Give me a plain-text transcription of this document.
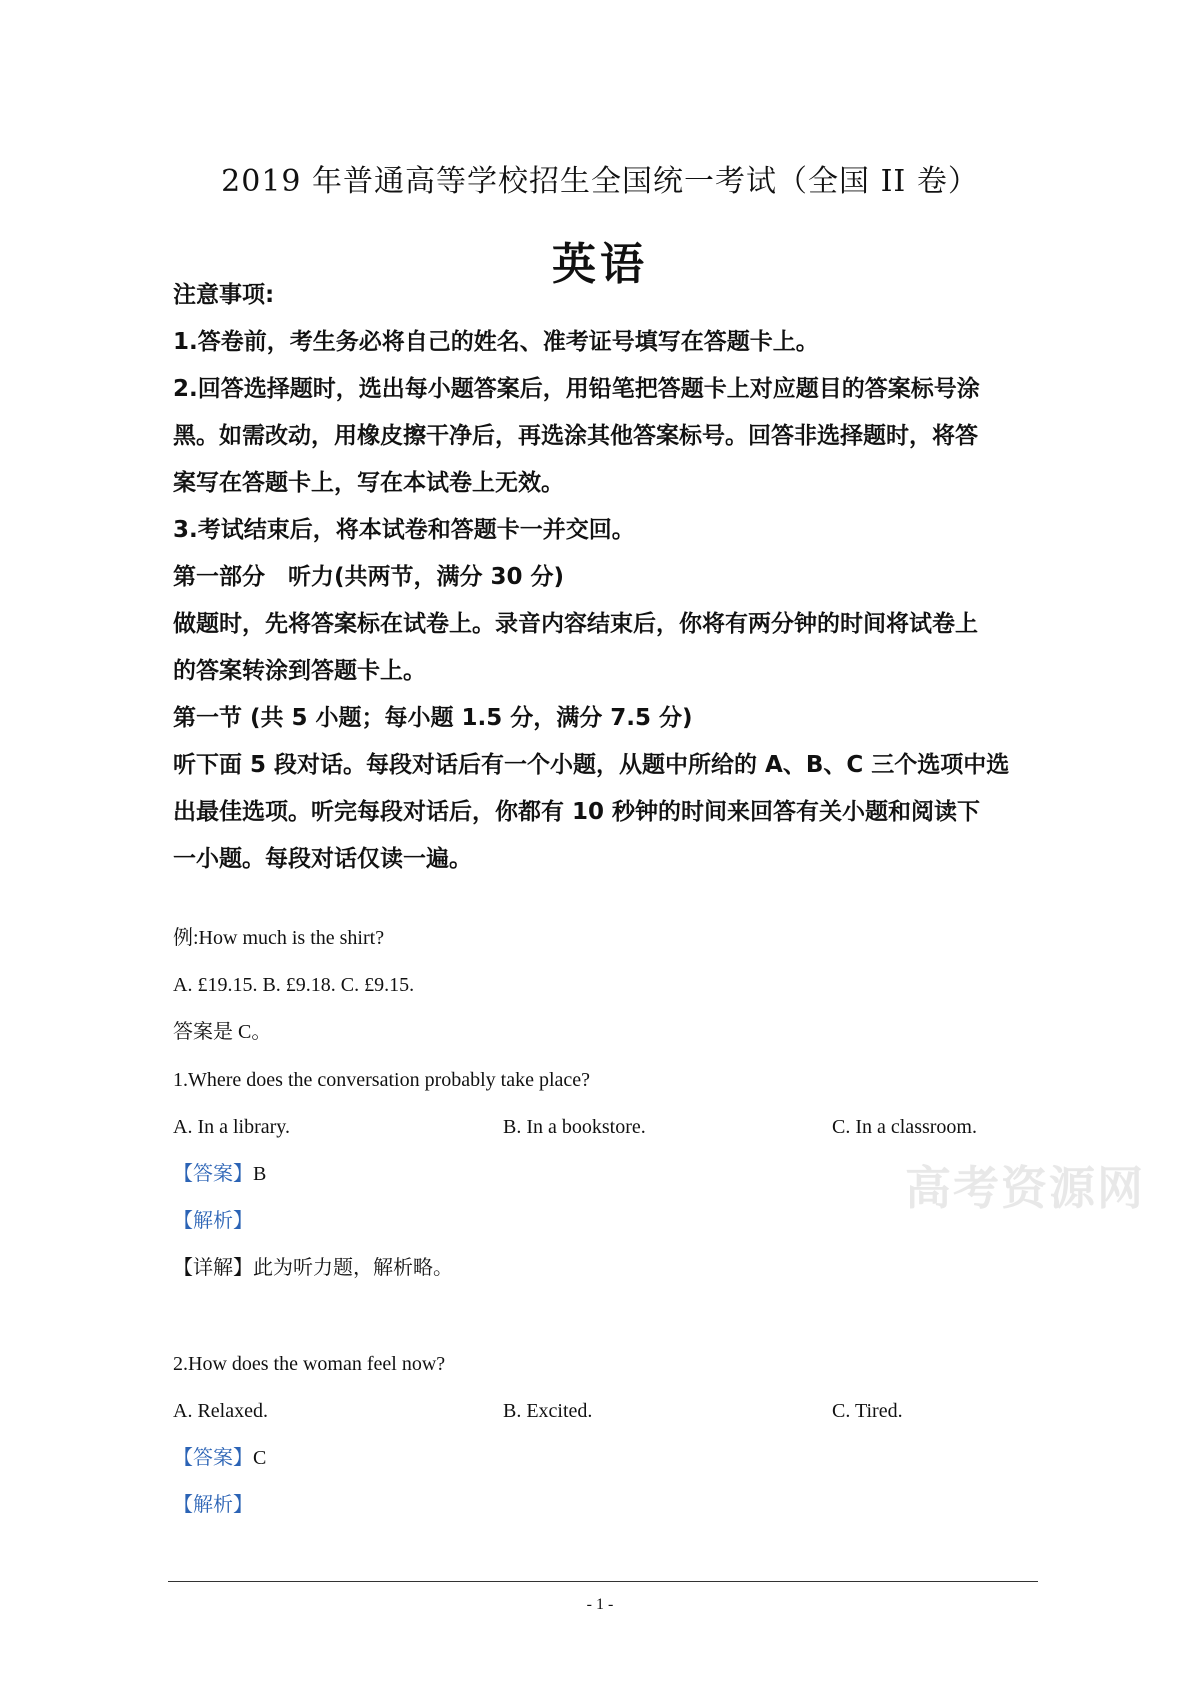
2019 年普通高等学校招生全国统一考试（全国 II 卷）
英语
注意事项:
1.答卷前，考生务必将自己的姓名、准考证号填写在答题卡上。
2.回答选择题时，选出每小题答案后，用铅笔把答题卡上对应题目的答案标号涂
黑。如需改动，用橡皮擦干净后，再选涂其他答案标号。回答非选择题时，将答
案写在答题卡上，写在本试卷上无效。
3.考试结束后，将本试卷和答题卡一并交回。
第一部分　听力(共两节，满分 30 分)
做题时，先将答案标在试卷上。录音内容结束后，你将有两分钟的时间将试卷上
的答案转涂到答题卡上。
第一节 (共 5 小题；每小题 1.5 分，满分 7.5 分)
听下面 5 段对话。每段对话后有一个小题，从题中所给的 A、B、C 三个选项中选
出最佳选项。听完每段对话后，你都有 10 秒钟的时间来回答有关小题和阅读下
一小题。每段对话仅读一遍。
例:How much is the shirt?
A. £19.15. B. £9.18. C. £9.15.
答案是 C。
1.Where does the conversation probably take place?
A. In a library.	B. In a bookstore.	C. In a classroom.
【答案】B
【解析】
【详解】此为听力题，解析略。
2.How does the woman feel now?
A. Relaxed.	B. Excited.	C. Tired.
【答案】C
【解析】
高考资源网
- 1 -
